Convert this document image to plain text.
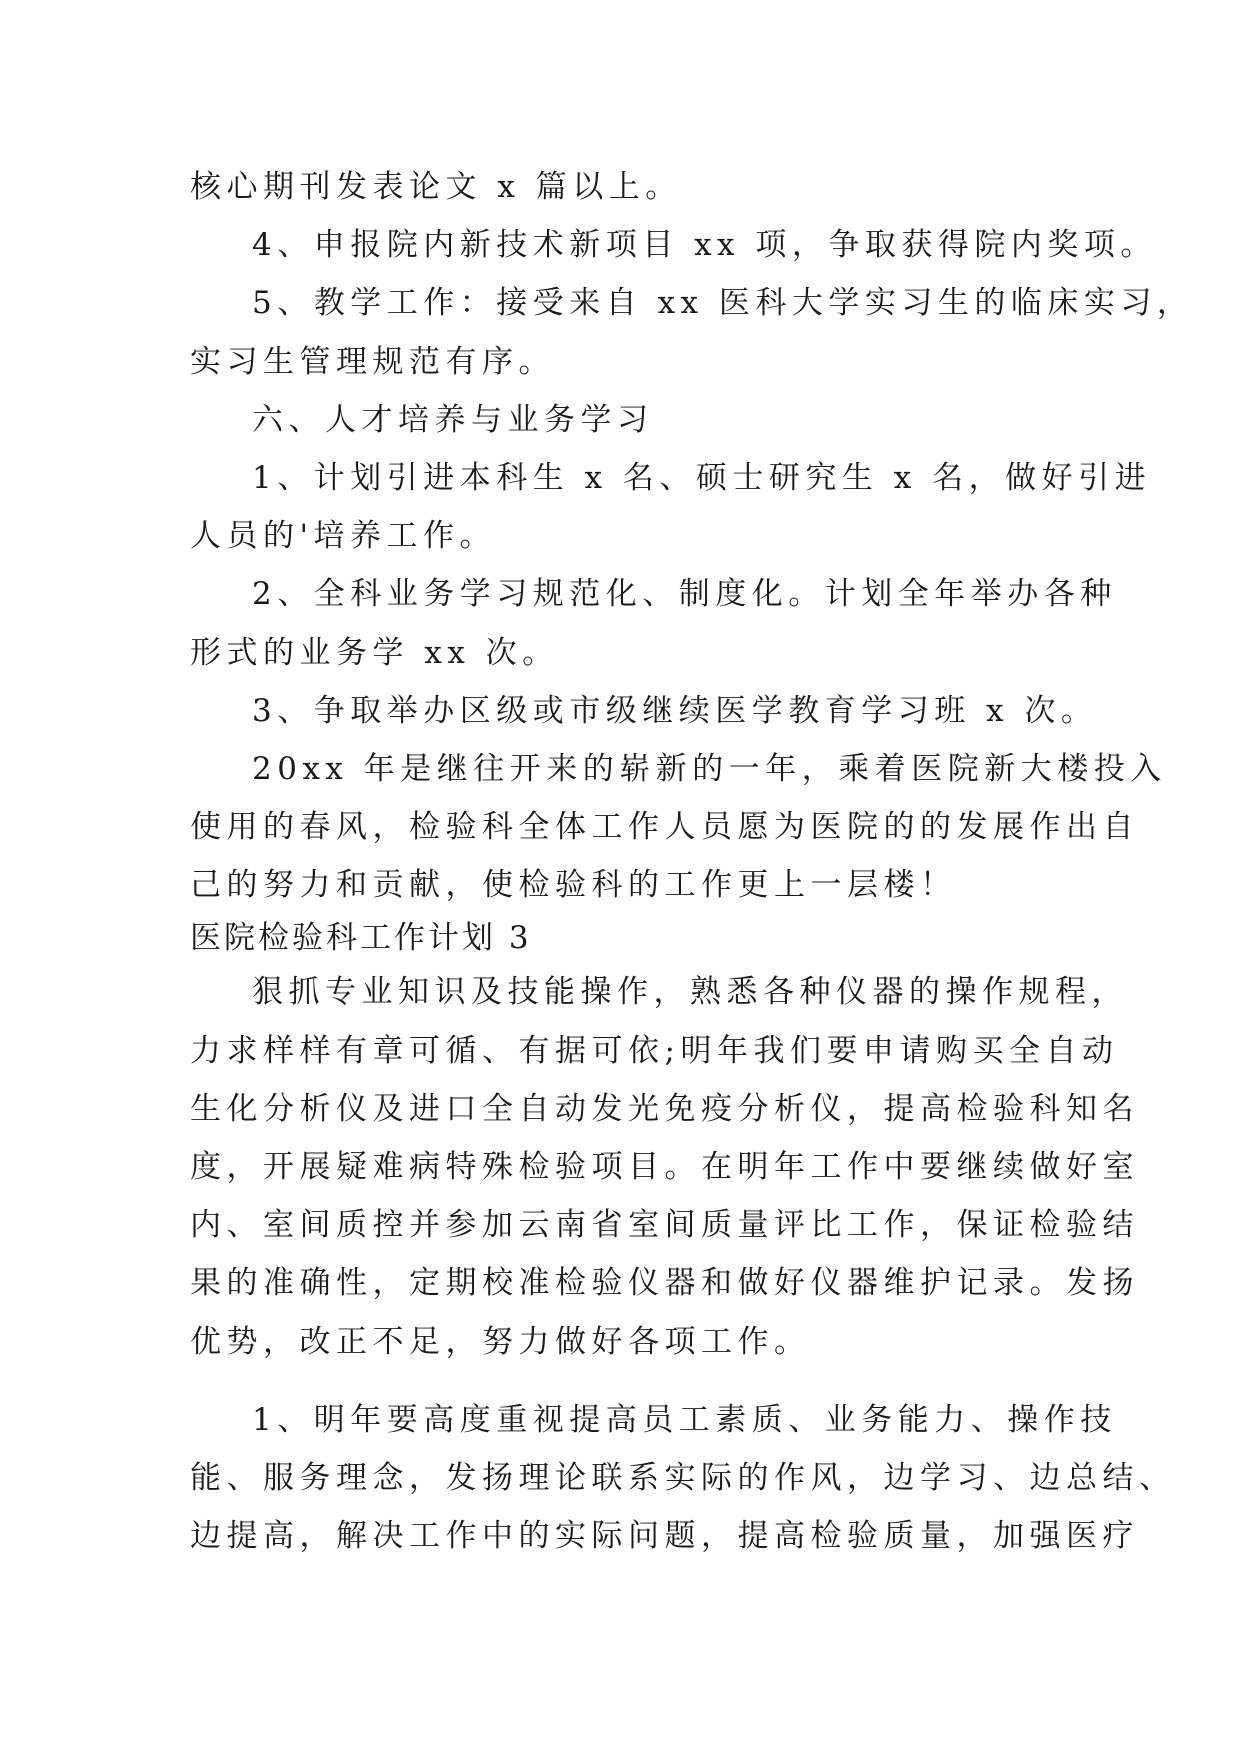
核心期刊发表论文 x 篇以上。
4、申报院内新技术新项目 xx 项，争取获得院内奖项。
5、教学工作：接受来自 xx 医科大学实习生的临床实习，
实习生管理规范有序。
六、人才培养与业务学习
1、计划引进本科生 x 名、硕士研究生 x 名，做好引进
人员的'培养工作。
2、全科业务学习规范化、制度化。计划全年举办各种
形式的业务学 xx 次。
3、争取举办区级或市级继续医学教育学习班 x 次。
20xx 年是继往开来的崭新的一年，乘着医院新大楼投入
使用的春风，检验科全体工作人员愿为医院的的发展作出自
己的努力和贡献，使检验科的工作更上一层楼！
医院检验科工作计划 3
狠抓专业知识及技能操作，熟悉各种仪器的操作规程，
力求样样有章可循、有据可依;明年我们要申请购买全自动
生化分析仪及进口全自动发光免疫分析仪，提高检验科知名
度，开展疑难病特殊检验项目。在明年工作中要继续做好室
内、室间质控并参加云南省室间质量评比工作，保证检验结
果的准确性，定期校准检验仪器和做好仪器维护记录。发扬
优势，改正不足，努力做好各项工作。
1、明年要高度重视提高员工素质、业务能力、操作技
能、服务理念，发扬理论联系实际的作风，边学习、边总结、
边提高，解决工作中的实际问题，提高检验质量，加强医疗
